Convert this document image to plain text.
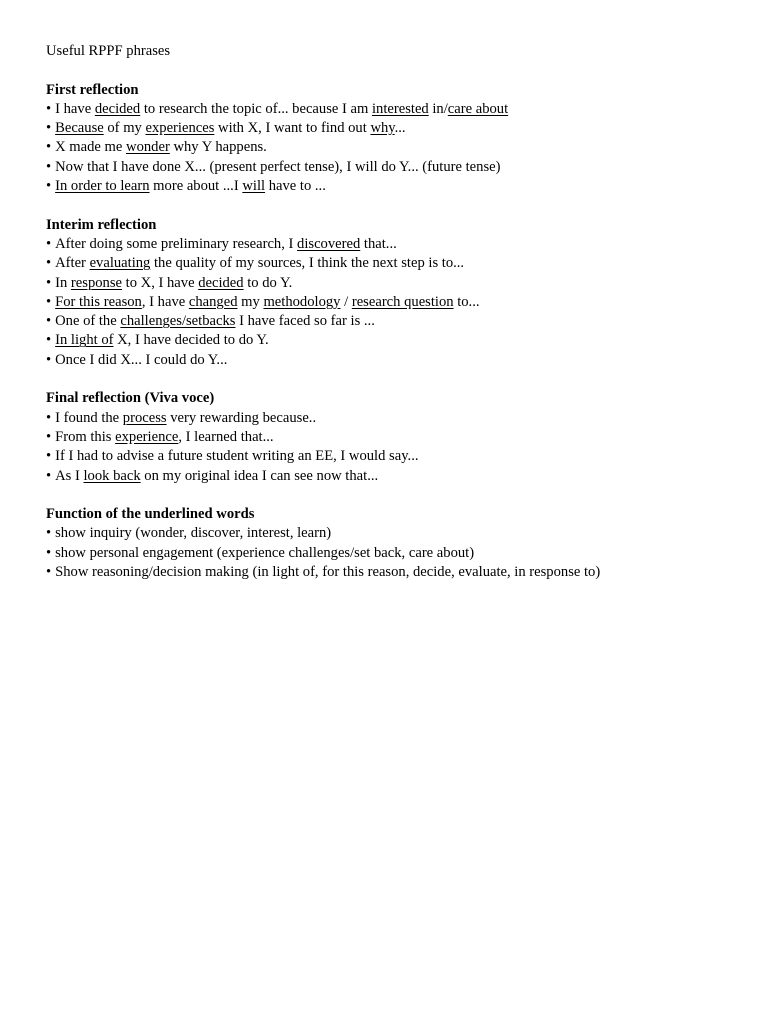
Useful RPPF phrases

First reflection

• I have decided to research the topic of... because I am interested in/care about
• Because of my experiences with X, I want to find out why...
• X made me wonder why Y happens.
• Now that I have done X... (present perfect tense), I will do Y... (future tense)
• In order to learn more about ...I will have to ...

Interim reflection

• After doing some preliminary research, I discovered that...
• After evaluating the quality of my sources, I think the next step is to...
• In response to X, I have decided to do Y.
• For this reason, I have changed my methodology / research question to...
• One of the challenges/setbacks I have faced so far is ...
• In light of X, I have decided to do Y.
• Once I did X... I could do Y...

Final reflection (Viva voce)

• I found the process very rewarding because..
• From this experience, I learned that...
• If I had to advise a future student writing an EE, I would say...
• As I look back on my original idea I can see now that...

Function of the underlined words

• show inquiry (wonder, discover, interest, learn)
• show personal engagement (experience challenges/set back, care about)
• Show reasoning/decision making (in light of, for this reason, decide, evaluate, in response to)
